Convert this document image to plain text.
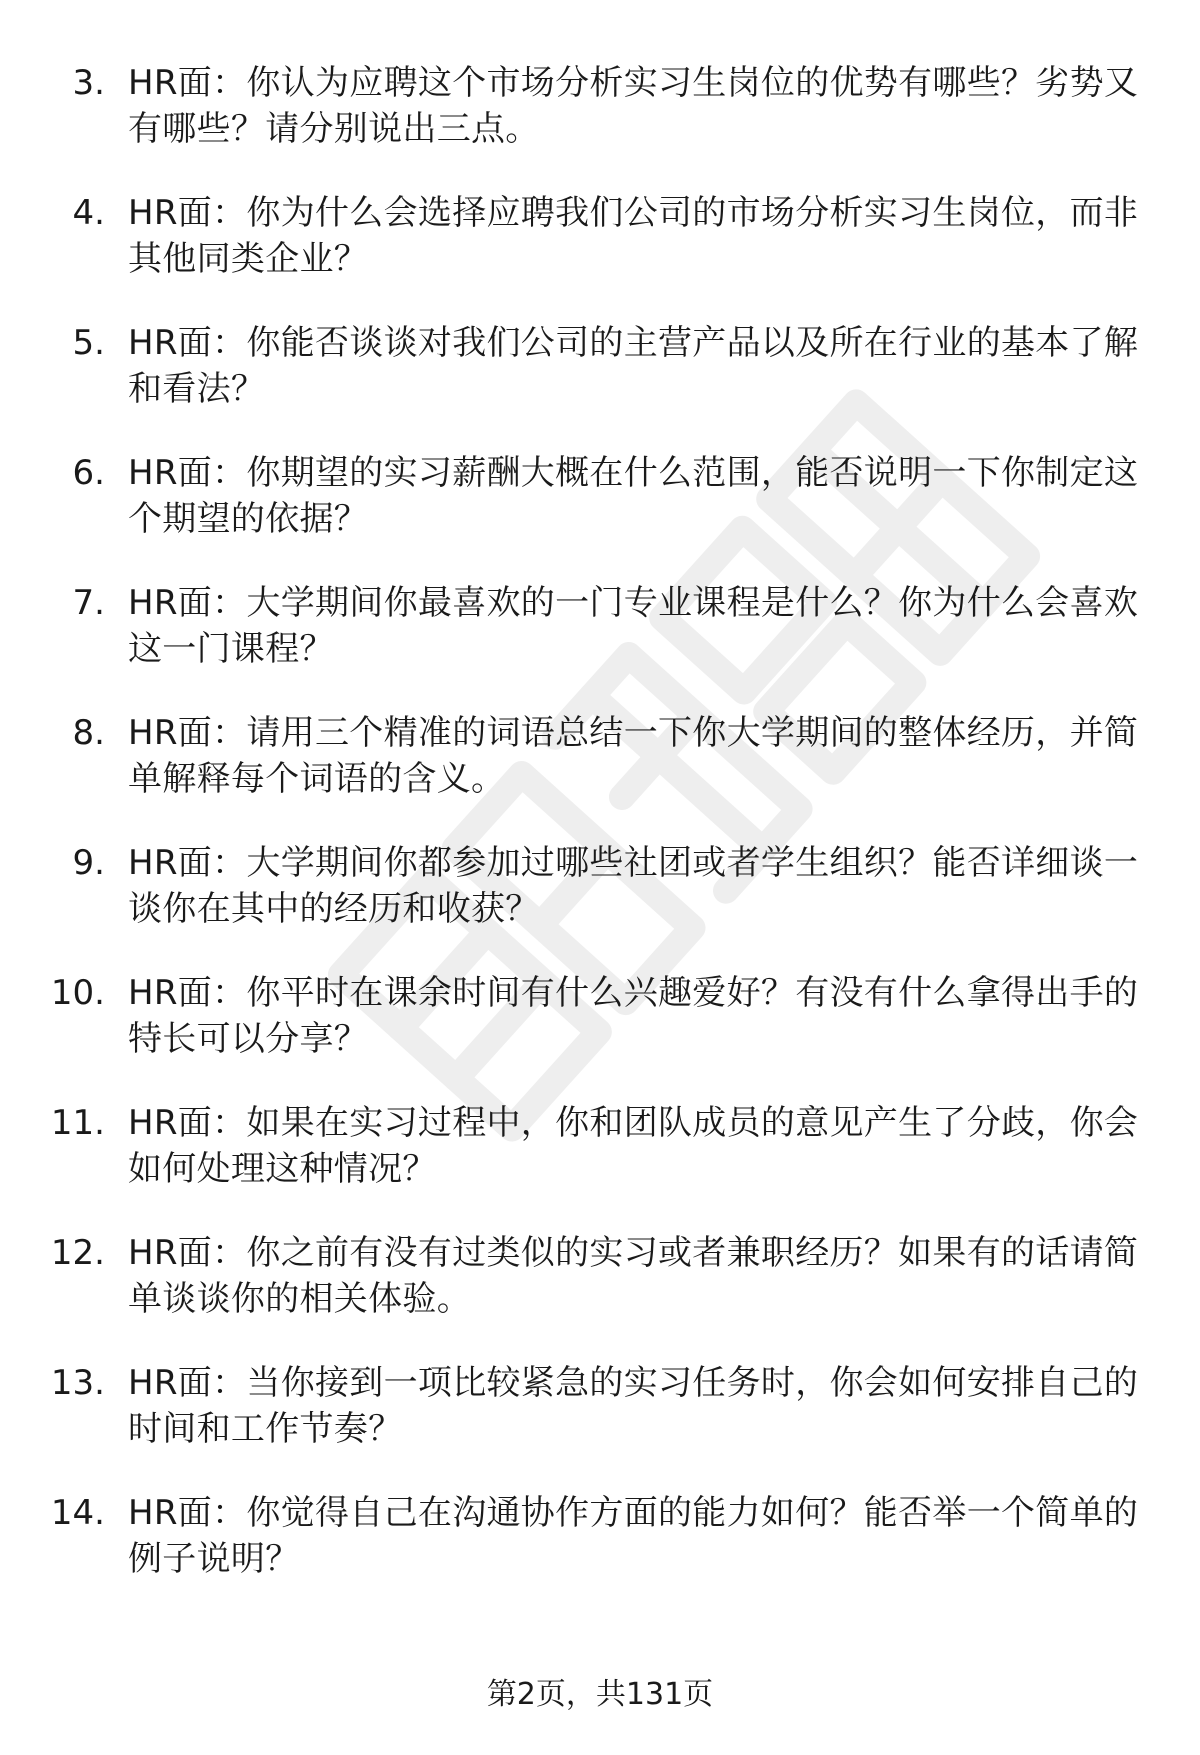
3. HR面：你认为应聘这个市场分析实习生岗位的优势有哪些？劣势又有哪些？请分别说出三点。
4. HR面：你为什么会选择应聘我们公司的市场分析实习生岗位，而非其他同类企业？
5. HR面：你能否谈谈对我们公司的主营产品以及所在行业的基本了解和看法？
6. HR面：你期望的实习薪酬大概在什么范围，能否说明一下你制定这个期望的依据？
7. HR面：大学期间你最喜欢的一门专业课程是什么？你为什么会喜欢这一门课程？
8. HR面：请用三个精准的词语总结一下你大学期间的整体经历，并简单解释每个词语的含义。
9. HR面：大学期间你都参加过哪些社团或者学生组织？能否详细谈一谈你在其中的经历和收获？
10. HR面：你平时在课余时间有什么兴趣爱好？有没有什么拿得出手的特长可以分享？
11. HR面：如果在实习过程中，你和团队成员的意见产生了分歧，你会如何处理这种情况？
12. HR面：你之前有没有过类似的实习或者兼职经历？如果有的话请简单谈谈你的相关体验。
13. HR面：当你接到一项比较紧急的实习任务时，你会如何安排自己的时间和工作节奏？
14. HR面：你觉得自己在沟通协作方面的能力如何？能否举一个简单的例子说明？
第2页，共131页
